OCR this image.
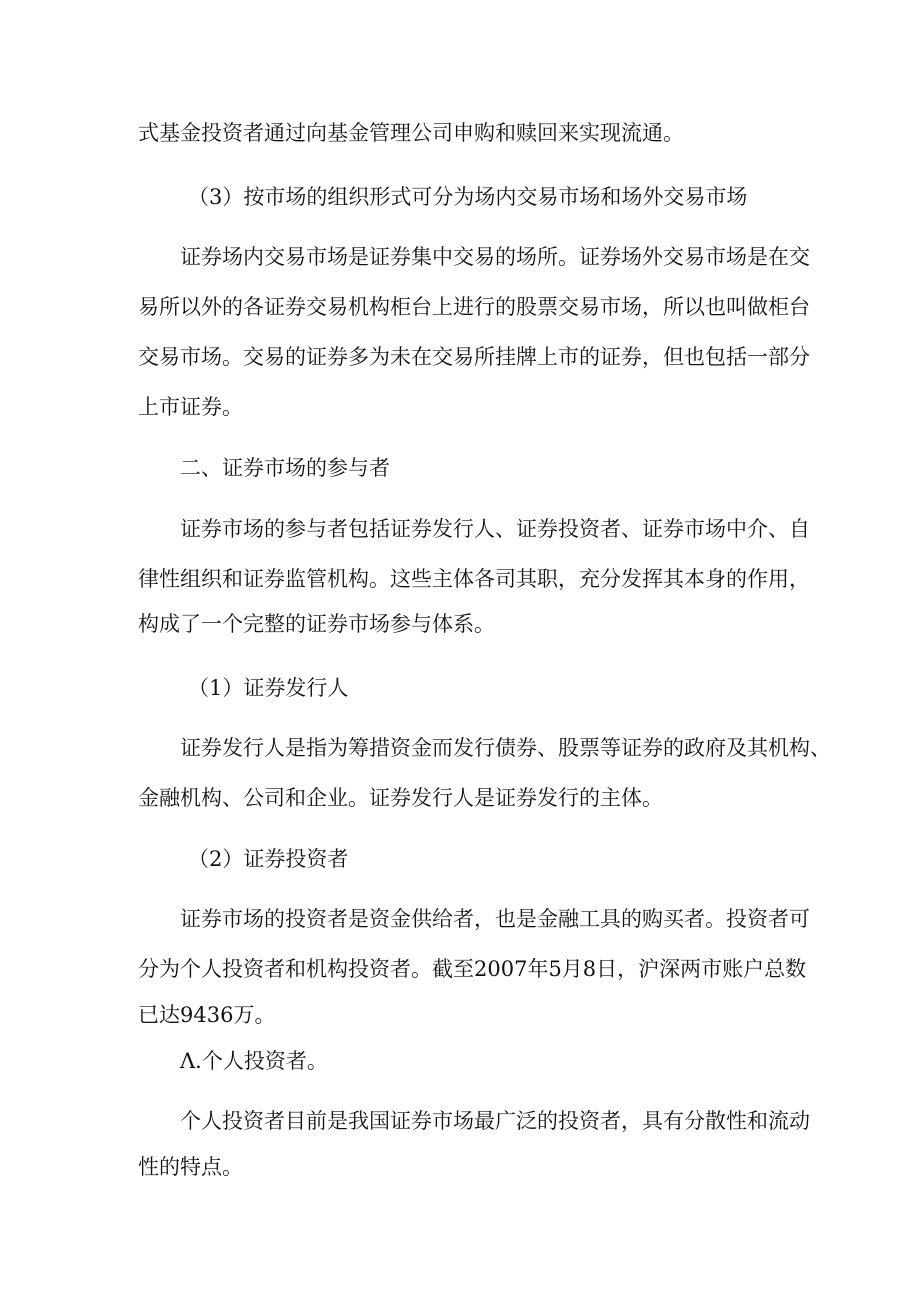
式基金投资者通过向基金管理公司申购和赎回来实现流通。
（3）按市场的组织形式可分为场内交易市场和场外交易市场
证券场内交易市场是证券集中交易的场所。证券场外交易市场是在交
易所以外的各证券交易机构柜台上进行的股票交易市场，所以也叫做柜台
交易市场。交易的证券多为未在交易所挂牌上市的证券，但也包括一部分
上市证券。
二、证券市场的参与者
证券市场的参与者包括证券发行人、证券投资者、证券市场中介、自
律性组织和证券监管机构。这些主体各司其职，充分发挥其本身的作用，
构成了一个完整的证券市场参与体系。
（1）证券发行人
证券发行人是指为筹措资金而发行债券、股票等证券的政府及其机构、
金融机构、公司和企业。证券发行人是证券发行的主体。
（2）证券投资者
证券市场的投资者是资金供给者，也是金融工具的购买者。投资者可
分为个人投资者和机构投资者。截至2007年5月8日，沪深两市账户总数
已达9436万。
Λ.个人投资者。
个人投资者目前是我国证券市场最广泛的投资者，具有分散性和流动
性的特点。
